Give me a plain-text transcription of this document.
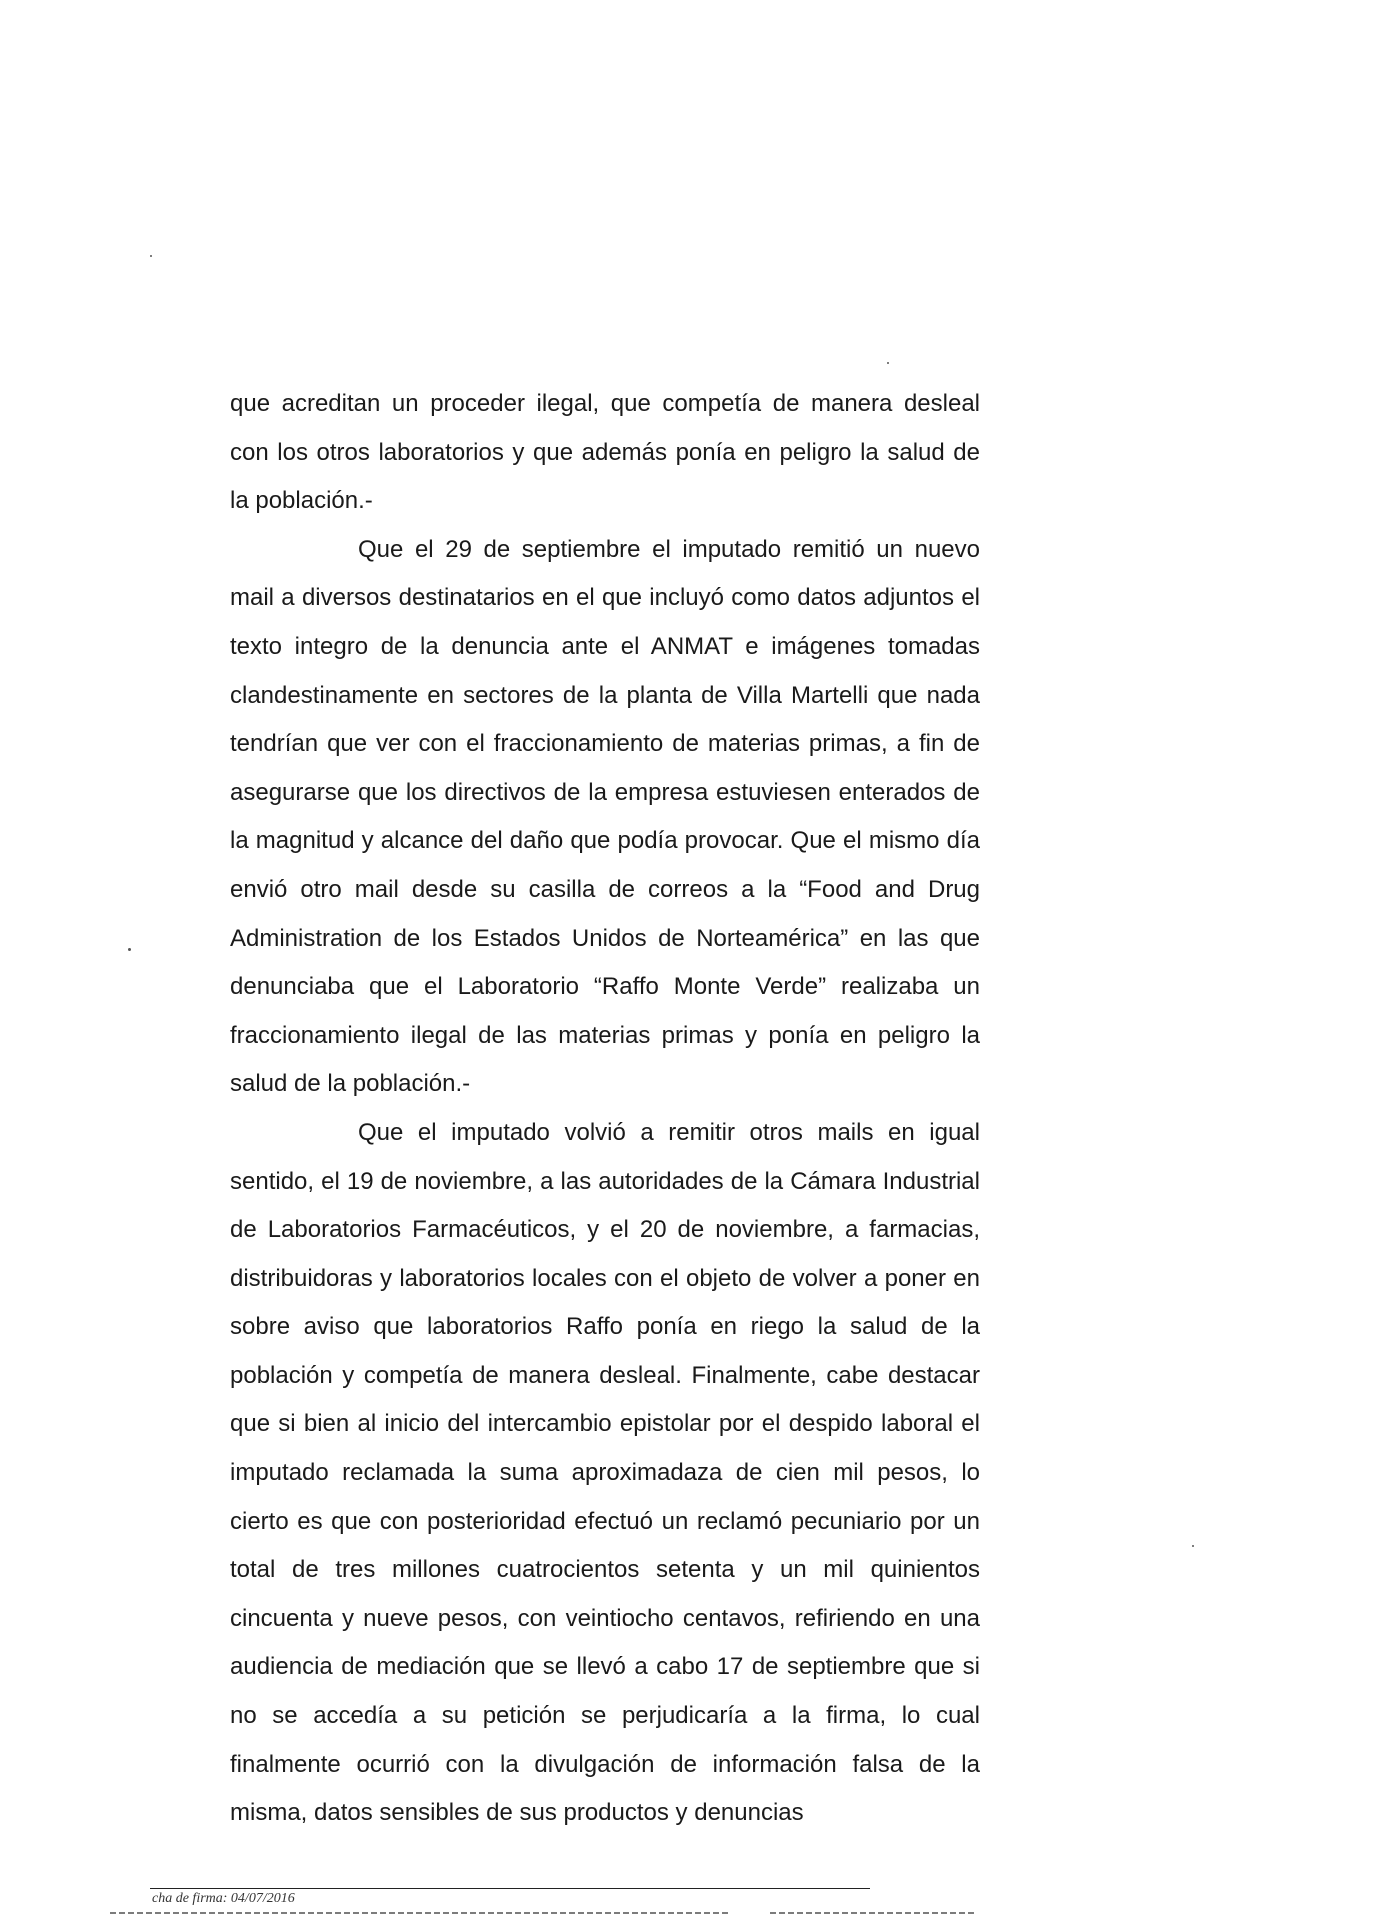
que acreditan un proceder ilegal, que competía de manera desleal con los otros laboratorios y que además ponía en peligro la salud de la población.-

Que el 29 de septiembre el imputado remitió un nuevo mail a diversos destinatarios en el que incluyó como datos adjuntos el texto integro de la denuncia ante el ANMAT e imágenes tomadas clandestinamente en sectores de la planta de Villa Martelli que nada tendrían que ver con el fraccionamiento de materias primas, a fin de asegurarse que los directivos de la empresa estuviesen enterados de la magnitud y alcance del daño que podía provocar. Que el mismo día envió otro mail desde su casilla de correos a la “Food and Drug Administration de los Estados Unidos de Norteamérica” en las que denunciaba que el Laboratorio “Raffo Monte Verde” realizaba un fraccionamiento ilegal de las materias primas y ponía en peligro la salud de la población.-

Que el imputado volvió a remitir otros mails en igual sentido, el 19 de noviembre, a las autoridades de la Cámara Industrial de Laboratorios Farmacéuticos, y el 20 de noviembre, a farmacias, distribuidoras y laboratorios locales con el objeto de volver a poner en sobre aviso que laboratorios Raffo ponía en riego la salud de la población y competía de manera desleal. Finalmente, cabe destacar que si bien al inicio del intercambio epistolar por el despido laboral el imputado reclamada la suma aproximadaza de cien mil pesos, lo cierto es que con posterioridad efectuó un reclamó pecuniario por un total de tres millones cuatrocientos setenta y un mil quinientos cincuenta y nueve pesos, con veintiocho centavos, refiriendo en una audiencia de mediación que se llevó a cabo 17 de septiembre que si no se accedía a su petición se perjudicaría a la firma, lo cual finalmente ocurrió con la divulgación de información falsa de la misma, datos sensibles de sus productos y denuncias

cha de firma: 04/07/2016
